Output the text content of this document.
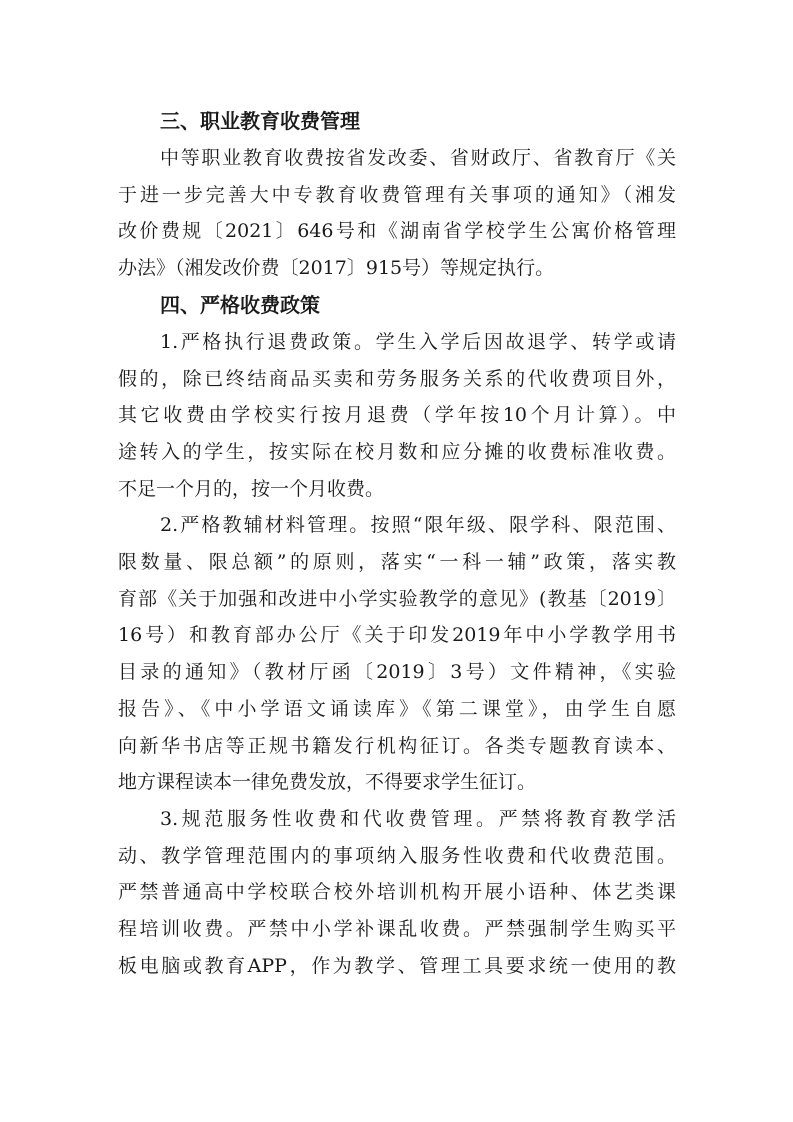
三、职业教育收费管理

中等职业教育收费按省发改委、省财政厅、省教育厅《关
于进一步完善大中专教育收费管理有关事项的通知》（湘发
改价费规〔2021〕646号和《湖南省学校学生公寓价格管理
办法》（湘发改价费〔2017〕915号）等规定执行。

四、严格收费政策

1.严格执行退费政策。学生入学后因故退学、转学或请
假的，除已终结商品买卖和劳务服务关系的代收费项目外，
其它收费由学校实行按月退费（学年按10个月计算）。中
途转入的学生，按实际在校月数和应分摊的收费标准收费。
不足一个月的，按一个月收费。

2.严格教辅材料管理。按照“限年级、限学科、限范围、
限数量、限总额”的原则，落实“一科一辅”政策，落实教
育部《关于加强和改进中小学实验教学的意见》(教基〔2019〕
16号）和教育部办公厅《关于印发2019年中小学教学用书
目录的通知》（教材厅函〔2019〕3号）文件精神，《实验
报告》、《中小学语文诵读库》《第二课堂》，由学生自愿
向新华书店等正规书籍发行机构征订。各类专题教育读本、
地方课程读本一律免费发放，不得要求学生征订。

3.规范服务性收费和代收费管理。严禁将教育教学活
动、教学管理范围内的事项纳入服务性收费和代收费范围。
严禁普通高中学校联合校外培训机构开展小语种、体艺类课
程培训收费。严禁中小学补课乱收费。严禁强制学生购买平
板电脑或教育APP，作为教学、管理工具要求统一使用的教
